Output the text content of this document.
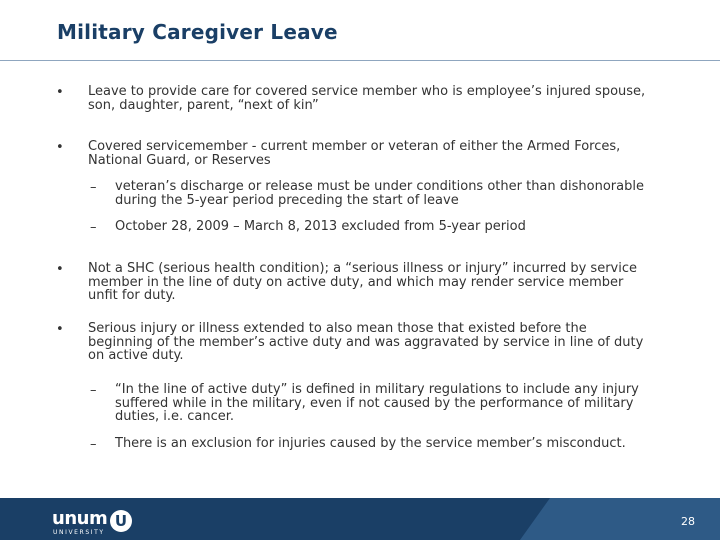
Military Caregiver Leave
• Leave to provide care for covered service member who is employee’s injured spouse, son, daughter, parent, “next of kin”
• Covered servicemember - current member or veteran of either the Armed Forces, National Guard, or Reserves
– veteran’s discharge or release must be under conditions other than dishonorable during the 5-year period preceding the start of leave
– October 28, 2009 – March 8, 2013 excluded from 5-year period
• Not a SHC (serious health condition); a “serious illness or injury” incurred by service member in the line of duty on active duty, and which may render service member unfit for duty.
• Serious injury or illness extended to also mean those that existed before the beginning of the member’s active duty and was aggravated by service in line of duty on active duty.
– “In the line of active duty” is defined in military regulations to include any injury suffered while in the military, even if not caused by the performance of military duties, i.e. cancer.
– There is an exclusion for injuries caused by the service member’s misconduct.
unum
UNIVERSITY
U	28
